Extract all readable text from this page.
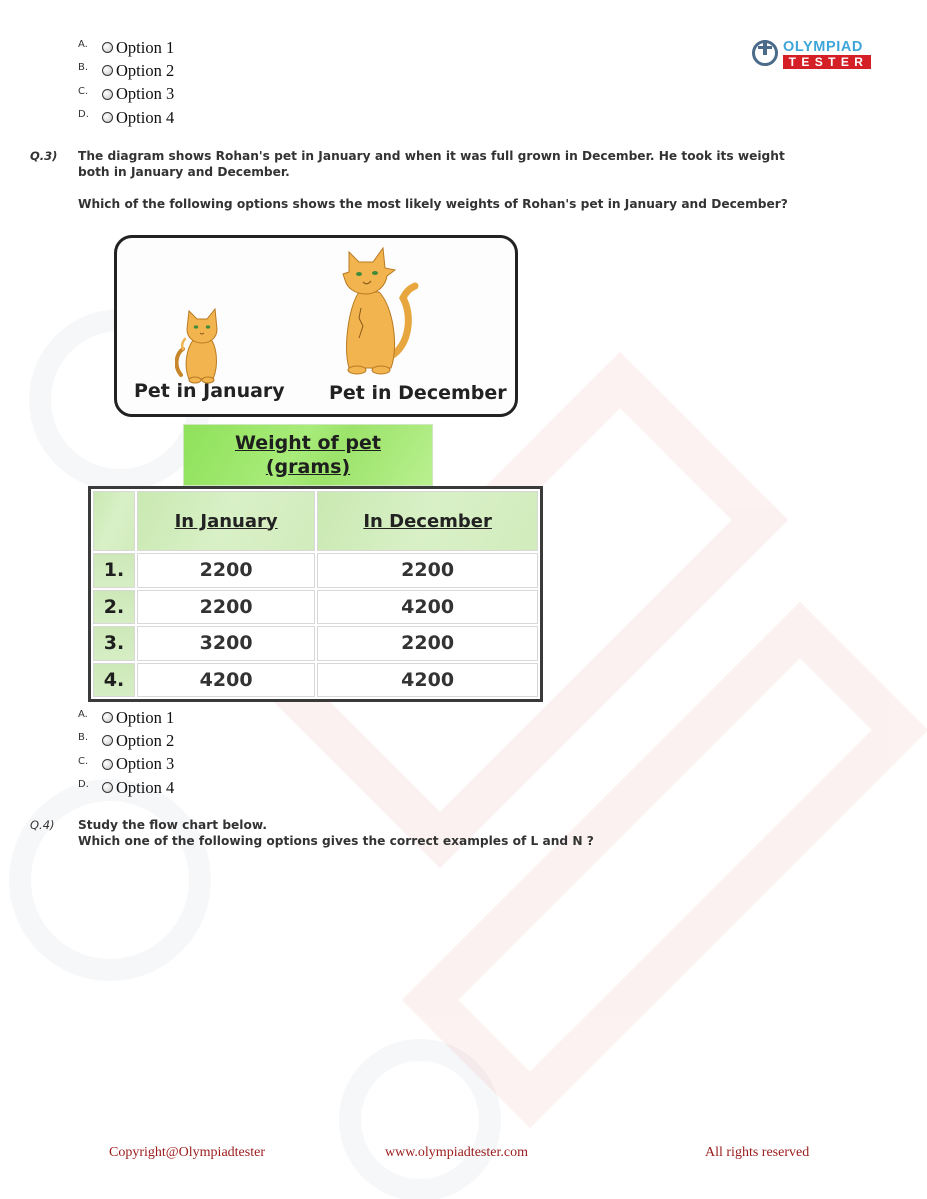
A.	Option 1
B.	Option 2
C.	Option 3
D.	Option 4
OLYMPIAD
TESTER
Q.3) The diagram shows Rohan's pet in January and when it was full grown in December. He took its weight both in January and December.
Which of the following options shows the most likely weights of Rohan's pet in January and December?
Pet in January Pet in December
Weight of pet
(grams)
	In January	In December
1.	2200	2200
2.	2200	4200
3.	3200	2200
4.	4200	4200
A.	Option 1
B.	Option 2
C.	Option 3
D.	Option 4
Q.4) Study the flow chart below.
Which one of the following options gives the correct examples of L and N ?
Copyright@Olympiadtester	www.olympiadtester.com	All rights reserved
